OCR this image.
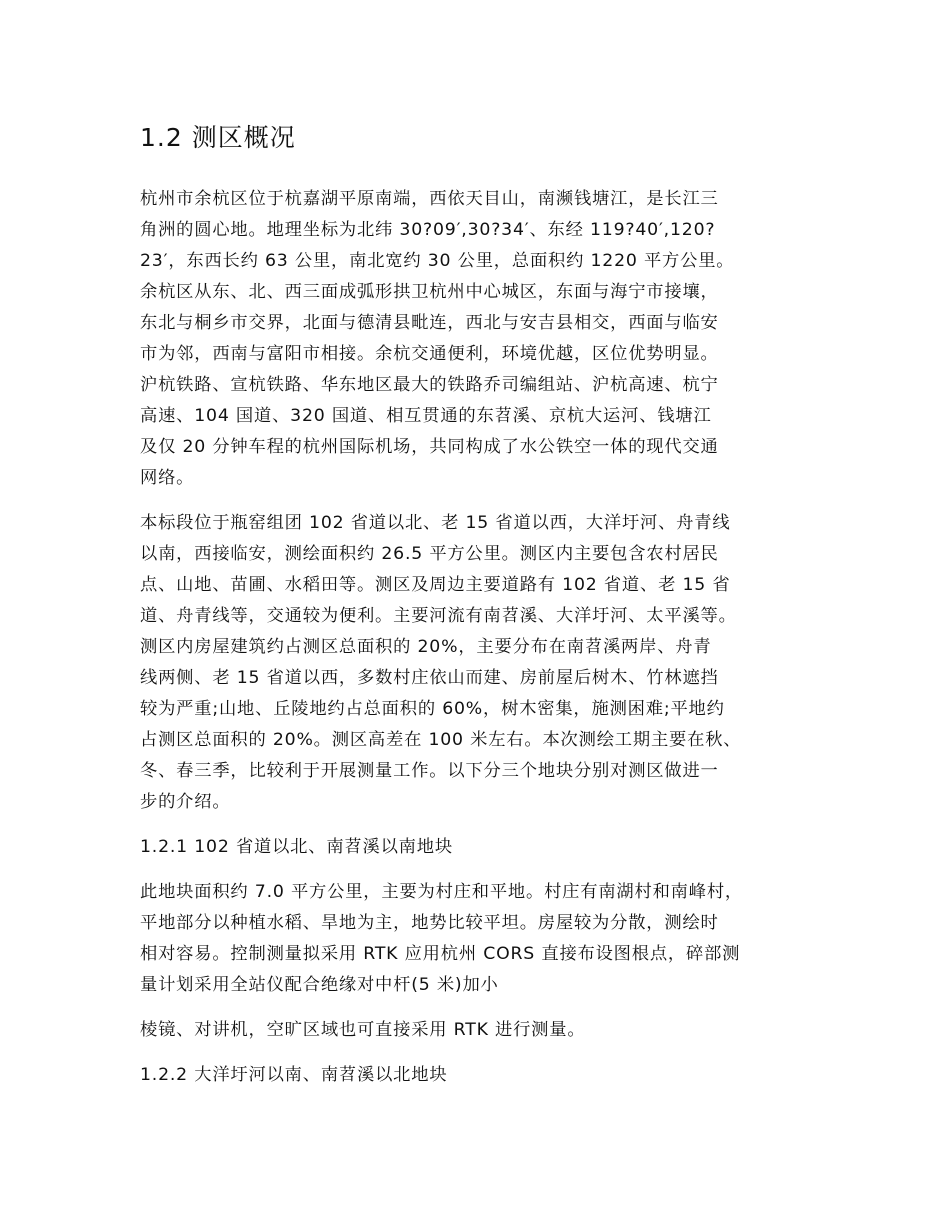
1.2 测区概况

杭州市余杭区位于杭嘉湖平原南端，西依天目山，南濒钱塘江，是长江三
角洲的圆心地。地理坐标为北纬 30?09′,30?34′、东经 119?40′,120?
23′，东西长约 63 公里，南北宽约 30 公里，总面积约 1220 平方公里。
余杭区从东、北、西三面成弧形拱卫杭州中心城区，东面与海宁市接壤，
东北与桐乡市交界，北面与德清县毗连，西北与安吉县相交，西面与临安
市为邻，西南与富阳市相接。余杭交通便利，环境优越，区位优势明显。
沪杭铁路、宣杭铁路、华东地区最大的铁路乔司编组站、沪杭高速、杭宁
高速、104 国道、320 国道、相互贯通的东苕溪、京杭大运河、钱塘江
及仅 20 分钟车程的杭州国际机场，共同构成了水公铁空一体的现代交通
网络。

本标段位于瓶窑组团 102 省道以北、老 15 省道以西，大洋圩河、舟青线
以南，西接临安，测绘面积约 26.5 平方公里。测区内主要包含农村居民
点、山地、苗圃、水稻田等。测区及周边主要道路有 102 省道、老 15 省
道、舟青线等，交通较为便利。主要河流有南苕溪、大洋圩河、太平溪等。
测区内房屋建筑约占测区总面积的 20%，主要分布在南苕溪两岸、舟青
线两侧、老 15 省道以西，多数村庄依山而建、房前屋后树木、竹林遮挡
较为严重;山地、丘陵地约占总面积的 60%，树木密集，施测困难;平地约
占测区总面积的 20%。测区高差在 100 米左右。本次测绘工期主要在秋、
冬、春三季，比较利于开展测量工作。以下分三个地块分别对测区做进一
步的介绍。

1.2.1 102 省道以北、南苕溪以南地块

此地块面积约 7.0 平方公里，主要为村庄和平地。村庄有南湖村和南峰村，
平地部分以种植水稻、旱地为主，地势比较平坦。房屋较为分散，测绘时
相对容易。控制测量拟采用 RTK 应用杭州 CORS 直接布设图根点，碎部测
量计划采用全站仪配合绝缘对中杆(5 米)加小

棱镜、对讲机，空旷区域也可直接采用 RTK 进行测量。

1.2.2 大洋圩河以南、南苕溪以北地块
